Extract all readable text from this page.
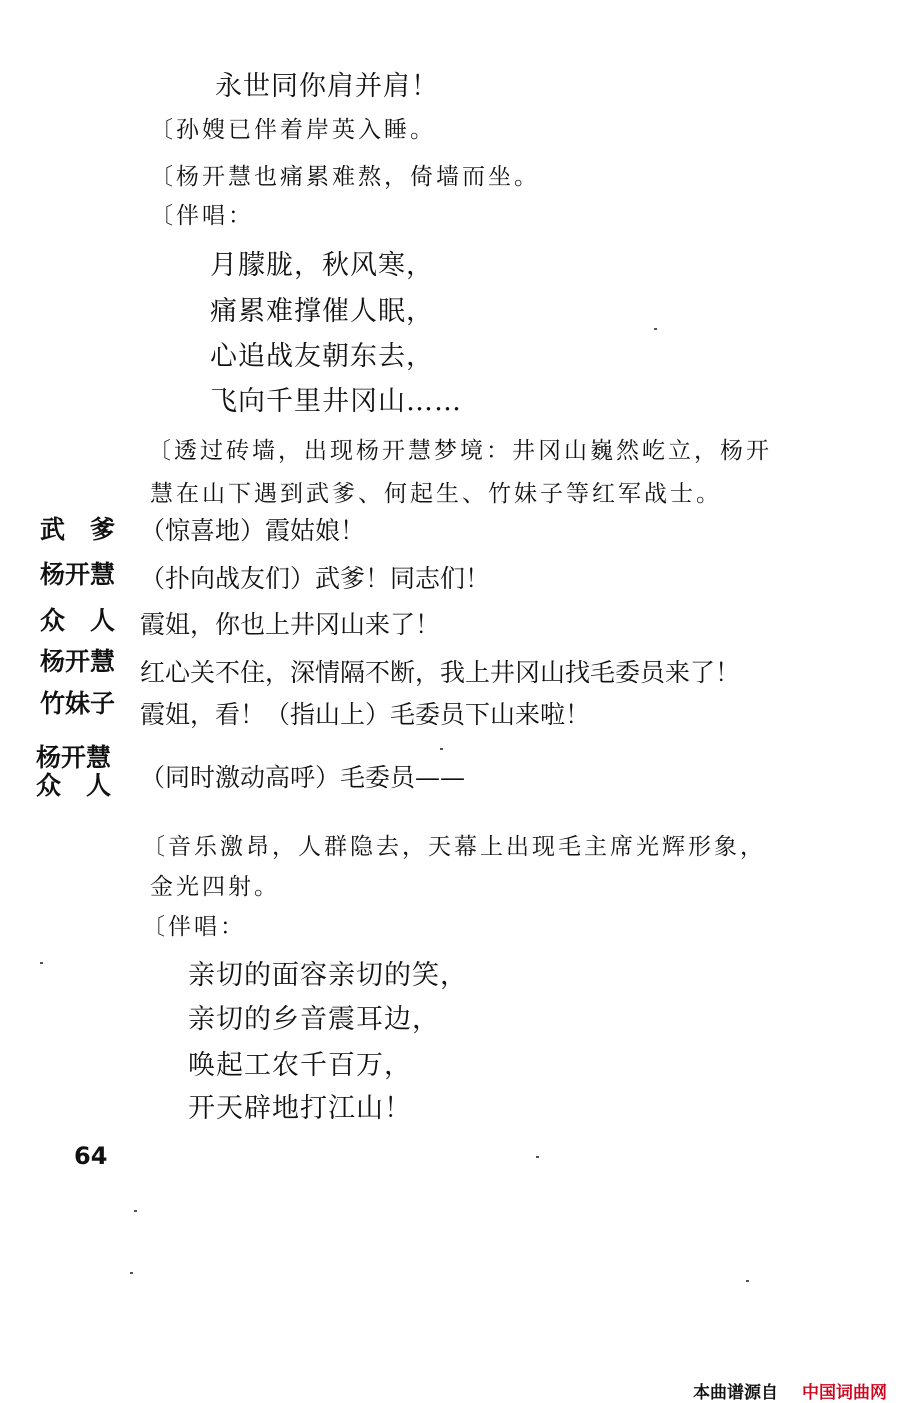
永世同你肩并肩！
〔孙嫂已伴着岸英入睡。
〔杨开慧也痛累难熬，倚墙而坐。
〔伴唱：
月朦胧，秋风寒，
痛累难撑催人眠，
心追战友朝东去，
飞向千里井冈山……
〔透过砖墙，出现杨开慧梦境：井冈山巍然屹立，杨开
慧在山下遇到武爹、何起生、竹妹子等红军战士。
武　爹 （惊喜地）霞姑娘！
杨开慧 （扑向战友们）武爹！同志们！
众　人 霞姐，你也上井冈山来了！
杨开慧 红心关不住，深情隔不断，我上井冈山找毛委员来了！
竹妹子 霞姐，看！（指山上）毛委员下山来啦！
杨开慧
众　人 （同时激动高呼）毛委员——
〔音乐激昂，人群隐去，天幕上出现毛主席光辉形象，
金光四射。
〔伴唱：
亲切的面容亲切的笑，
亲切的乡音震耳边，
唤起工农千百万，
开天辟地打江山！
64
本曲谱源自 中国词曲网
